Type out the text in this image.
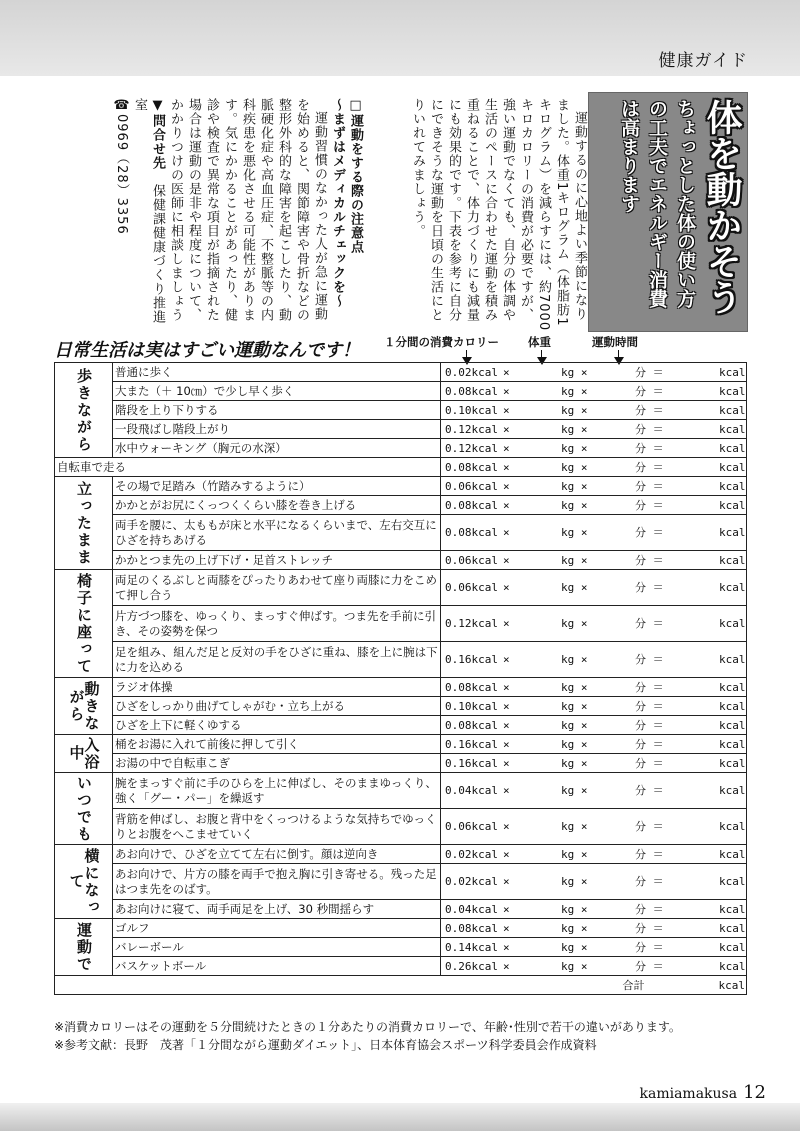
健康ガイド
体を動かそう
ちょっとした体の使い方
の工夫でエネルギー消費
は高まります

運動するのに心地よい季節になりました。体重1キログラム（体脂肪1キログラム）を減らすには、約7000キロカロリーの消費が必要ですが、強い運動でなくても、自分の体調や生活のペースに合わせた運動を積み重ねることで、体力づくりにも減量にも効果的です。下表を参考に自分にできそうな運動を日頃の生活にとりいれてみましょう。

□運動をする際の注意点
〜まずはメディカルチェックを〜

運動習慣のなかった人が急に運動を始めると、関節障害や骨折などの整形外科的な障害を起こしたり、動脈硬化症や高血圧症、不整脈等の内科疾患を悪化させる可能性があります。気にかかることがあったり、健診や検査で異常な項目が指摘された場合は運動の是非や程度について、かかりつけの医師に相談しましょう

▼問合せ先　保健課健康づくり推進室
☎0969（28）3356
日常生活は実はすごい運動なんです！ １分間の消費カロリー	体重	運動時間
歩きながら	普通に歩く	0.02kcal × kg × 分 ＝ kcal

	大また（＋ 10㎝）で少し早く歩く	0.08kcal × kg × 分 ＝ kcal

	階段を上り下りする	0.10kcal × kg × 分 ＝ kcal

	一段飛ばし階段上がり	0.12kcal × kg × 分 ＝ kcal

	水中ウォーキング（胸元の水深）	0.12kcal × kg × 分 ＝ kcal

自転車で走る		0.08kcal × kg × 分 ＝ kcal

立ったまま	その場で足踏み（竹踏みするように）	0.06kcal × kg × 分 ＝ kcal

	かかとがお尻にくっつくくらい膝を巻き上げる	0.08kcal × kg × 分 ＝ kcal

	両手を腰に、太ももが床と水平になるくらいまで、左右交互にひざを持ちあげる	0.08kcal × kg × 分 ＝ kcal

	かかとつま先の上げ下げ・足首ストレッチ	0.06kcal × kg × 分 ＝ kcal

椅子に座って	両足のくるぶしと両膝をぴったりあわせて座り両膝に力をこめて押し合う	0.06kcal × kg × 分 ＝ kcal

	片方づつ膝を、ゆっくり、まっすぐ伸ばす。つま先を手前に引き、その姿勢を保つ	0.12kcal × kg × 分 ＝ kcal

	足を組み、組んだ足と反対の手をひざに重ね、膝を上に腕は下に力を込める	0.16kcal × kg × 分 ＝ kcal

動きながら	ラジオ体操	0.08kcal × kg × 分 ＝ kcal

	ひざをしっかり曲げてしゃがむ・立ち上がる	0.10kcal × kg × 分 ＝ kcal

	ひざを上下に軽くゆする	0.08kcal × kg × 分 ＝ kcal

入浴中	桶をお湯に入れて前後に押して引く	0.16kcal × kg × 分 ＝ kcal

	お湯の中で自転車こぎ	0.16kcal × kg × 分 ＝ kcal

いつでも	腕をまっすぐ前に手のひらを上に伸ばし、そのままゆっくり、強く「グー・パー」を繰返す	0.04kcal × kg × 分 ＝ kcal

	背筋を伸ばし、お腹と背中をくっつけるような気持ちでゆっくりとお腹をへこませていく	0.06kcal × kg × 分 ＝ kcal

横になって	あお向けで、ひざを立てて左右に倒す。顔は逆向き	0.02kcal × kg × 分 ＝ kcal

	あお向けで、片方の膝を両手で抱え胸に引き寄せる。残った足はつま先をのばす。	0.02kcal × kg × 分 ＝ kcal

	あお向けに寝て、両手両足を上げ、30 秒間揺らす	0.04kcal × kg × 分 ＝ kcal

運動で	ゴルフ	0.08kcal × kg × 分 ＝ kcal

	バレーボール	0.14kcal × kg × 分 ＝ kcal

	バスケットボール	0.26kcal × kg × 分 ＝ kcal

		合計 kcal
※消費カロリーはその運動を５分間続けたときの１分あたりの消費カロリーで、年齢･性別で若干の違いがあります。
※参考文献：長野　茂著「１分間ながら運動ダイエット」、日本体育協会スポーツ科学委員会作成資料
kamiamakusa 12
